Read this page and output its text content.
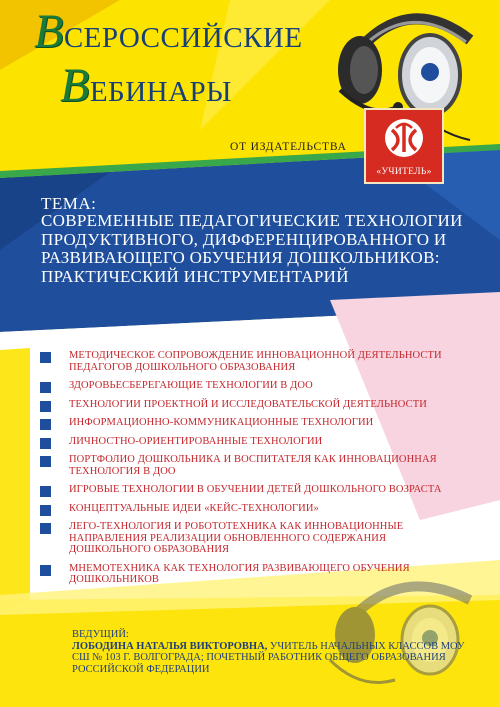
ВСЕРОССИЙСКИЕ
ВЕБИНАРЫ
ОТ ИЗДАТЕЛЬСТВА
«УЧИТЕЛЬ»
ТЕМА:
СОВРЕМЕННЫЕ ПЕДАГОГИЧЕСКИЕ ТЕХНОЛОГИИ ПРОДУКТИВНОГО, ДИФФЕРЕНЦИРОВАННОГО И РАЗВИВАЮЩЕГО ОБУЧЕНИЯ ДОШКОЛЬНИКОВ: ПРАКТИЧЕСКИЙ ИНСТРУМЕНТАРИЙ
МЕТОДИЧЕСКОЕ СОПРОВОЖДЕНИЕ ИННОВАЦИОННОЙ ДЕЯТЕЛЬНОСТИ ПЕДАГОГОВ ДОШКОЛЬНОГО ОБРАЗОВАНИЯ
ЗДОРОВЬЕСБЕРЕГАЮЩИЕ ТЕХНОЛОГИИ В ДОО
ТЕХНОЛОГИИ ПРОЕКТНОЙ И ИССЛЕДОВАТЕЛЬСКОЙ ДЕЯТЕЛЬНОСТИ
ИНФОРМАЦИОННО-КОММУНИКАЦИОННЫЕ ТЕХНОЛОГИИ
ЛИЧНОСТНО-ОРИЕНТИРОВАННЫЕ ТЕХНОЛОГИИ
ПОРТФОЛИО ДОШКОЛЬНИКА И ВОСПИТАТЕЛЯ КАК ИННОВАЦИОННАЯ ТЕХНОЛОГИЯ В ДОО
ИГРОВЫЕ ТЕХНОЛОГИИ В ОБУЧЕНИИ ДЕТЕЙ ДОШКОЛЬНОГО ВОЗРАСТА
КОНЦЕПТУАЛЬНЫЕ ИДЕИ «КЕЙС-ТЕХНОЛОГИИ»
ЛЕГО-ТЕХНОЛОГИЯ И РОБОТОТЕХНИКА КАК ИННОВАЦИОННЫЕ НАПРАВЛЕНИЯ РЕАЛИЗАЦИИ ОБНОВЛЕННОГО СОДЕРЖАНИЯ ДОШКОЛЬНОГО ОБРАЗОВАНИЯ
МНЕМОТЕХНИКА КАК ТЕХНОЛОГИЯ РАЗВИВАЮЩЕГО ОБУЧЕНИЯ ДОШКОЛЬНИКОВ
ВЕДУЩИЙ:
ЛОБОДИНА НАТАЛЬЯ ВИКТОРОВНА, УЧИТЕЛЬ НАЧАЛЬНЫХ КЛАССОВ МОУ СШ № 103 Г. ВОЛГОГРАДА; ПОЧЕТНЫЙ РАБОТНИК ОБЩЕГО ОБРАЗОВАНИЯ РОССИЙСКОЙ ФЕДЕРАЦИИ
